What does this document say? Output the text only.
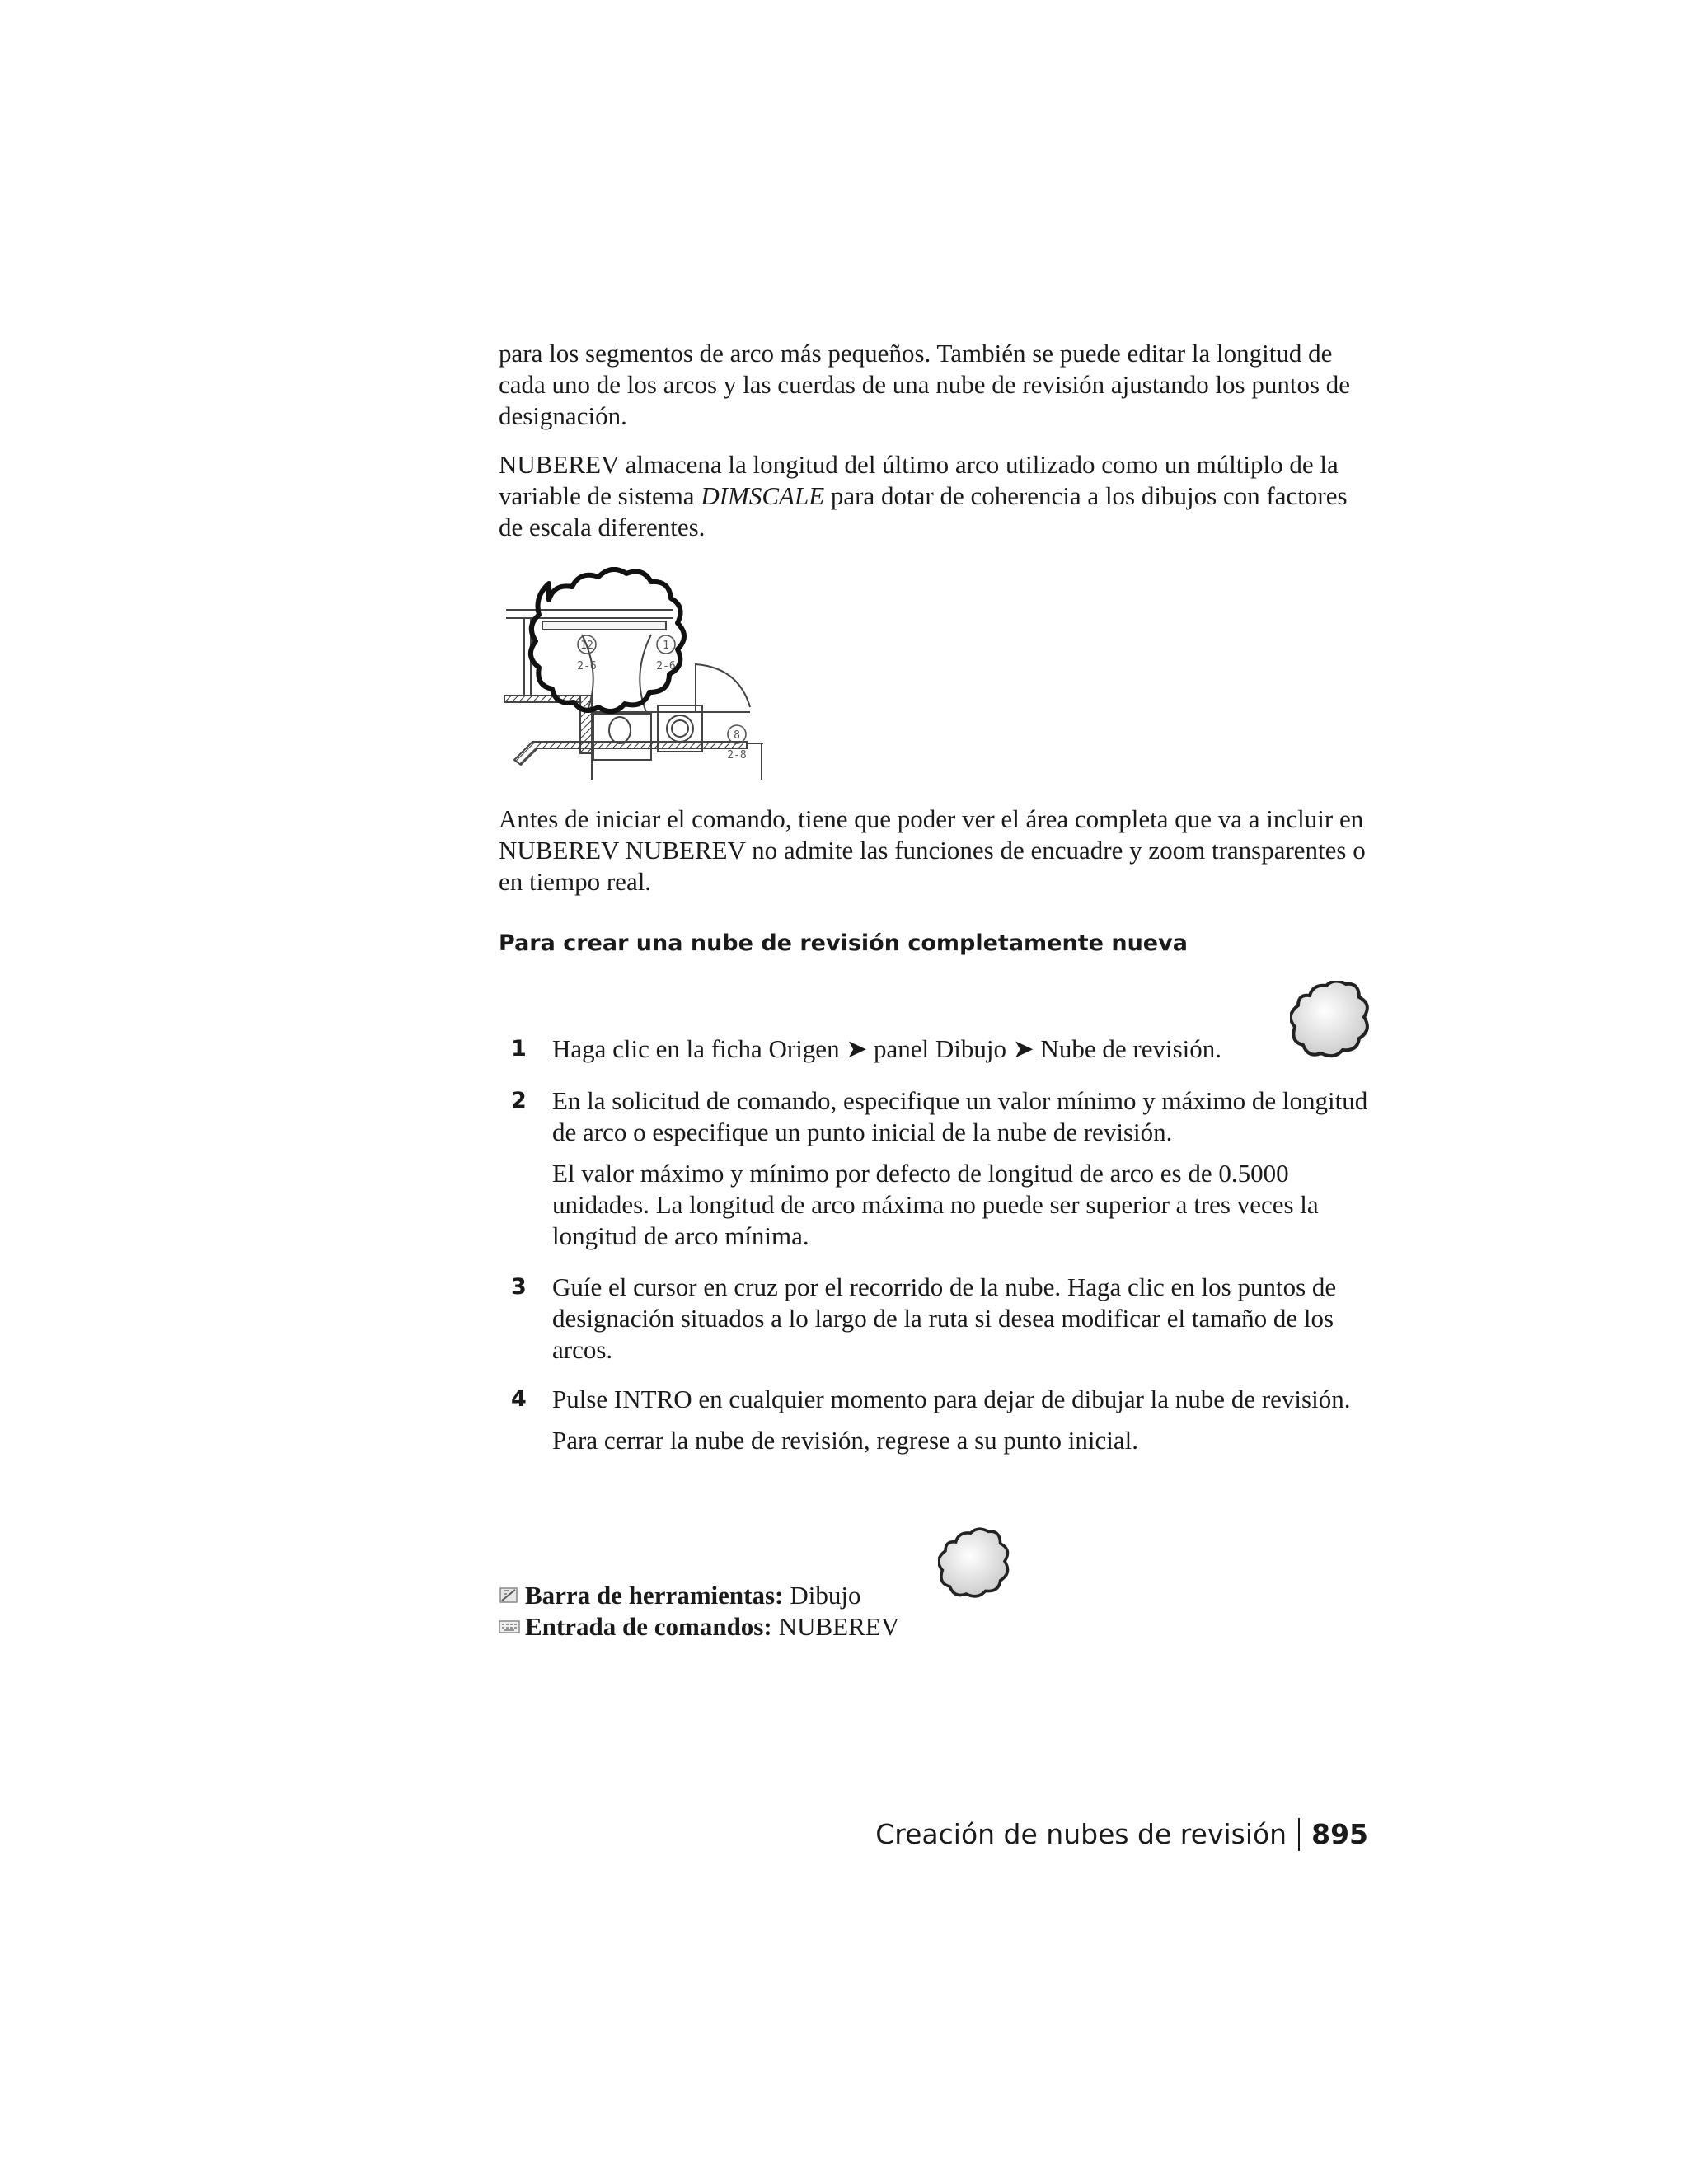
para los segmentos de arco más pequeños. También se puede editar la longitud de cada uno de los arcos y las cuerdas de una nube de revisión ajustando los puntos de designación.

NUBEREV almacena la longitud del último arco utilizado como un múltiplo de la variable de sistema DIMSCALE para dotar de coherencia a los dibujos con factores de escala diferentes.

12
2-6
1
2-6
8
2-8

Antes de iniciar el comando, tiene que poder ver el área completa que va a incluir en NUBEREV NUBEREV no admite las funciones de encuadre y zoom transparentes o en tiempo real.

Para crear una nube de revisión completamente nueva

1	Haga clic en la ficha Origen ➤ panel Dibujo ➤ Nube de revisión.

2	En la solicitud de comando, especifique un valor mínimo y máximo de longitud de arco o especifique un punto inicial de la nube de revisión.

El valor máximo y mínimo por defecto de longitud de arco es de 0.5000 unidades. La longitud de arco máxima no puede ser superior a tres veces la longitud de arco mínima.

3	Guíe el cursor en cruz por el recorrido de la nube. Haga clic en los puntos de designación situados a lo largo de la ruta si desea modificar el tamaño de los arcos.

4	Pulse INTRO en cualquier momento para dejar de dibujar la nube de revisión.

Para cerrar la nube de revisión, regrese a su punto inicial.

Barra de herramientas: Dibujo
Entrada de comandos: NUBEREV
Creación de nubes de revisión 895
